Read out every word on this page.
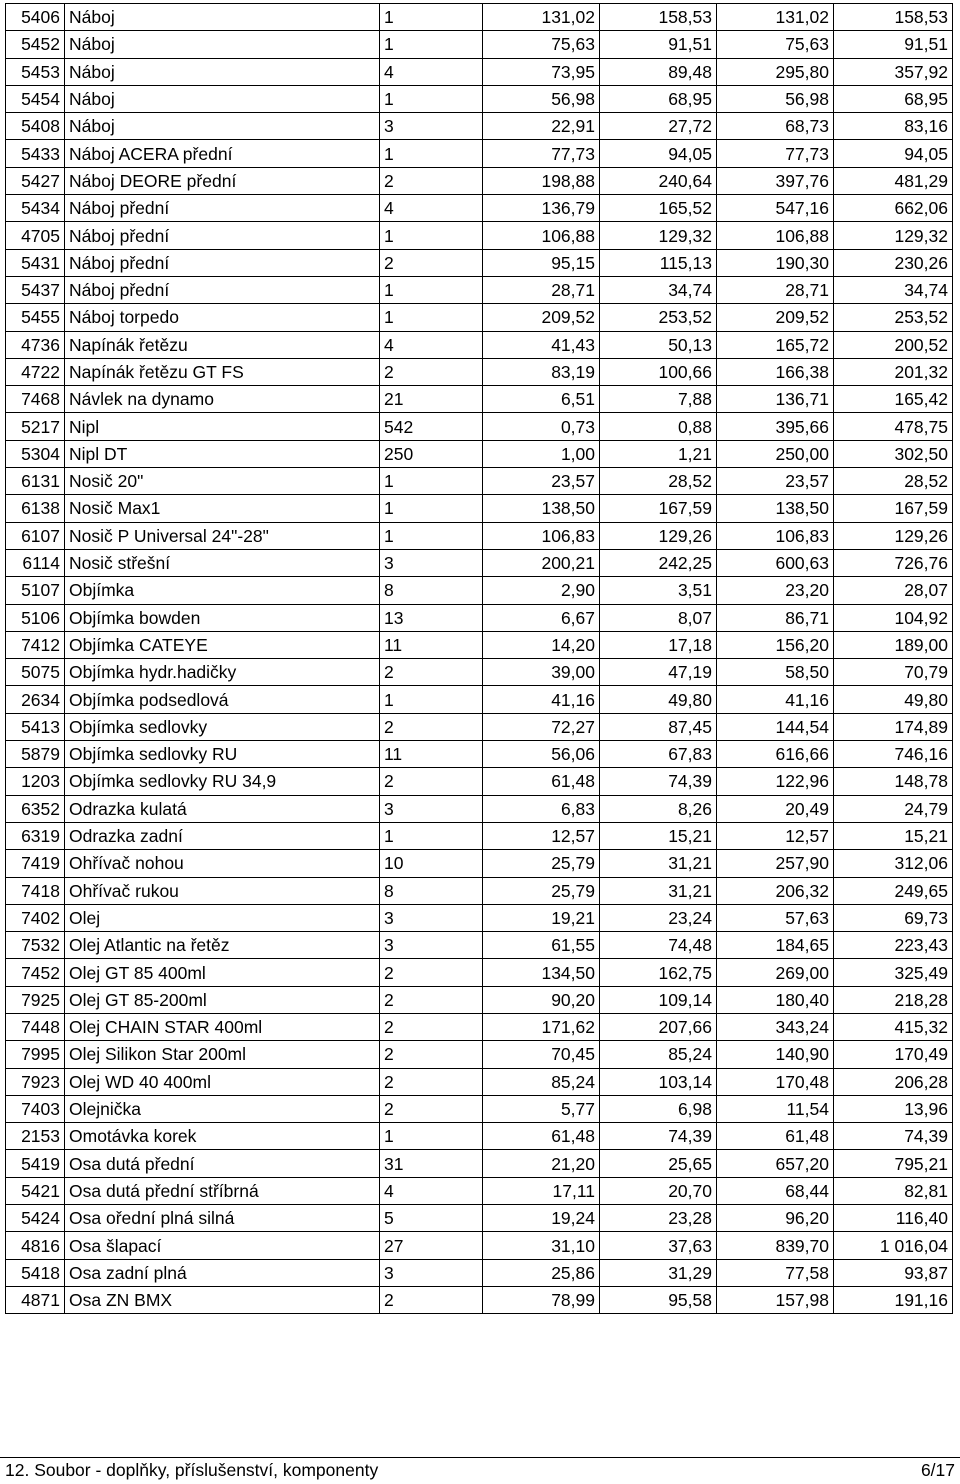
5406	Náboj	1	131,02	158,53	131,02	158,53
5452	Náboj	1	75,63	91,51	75,63	91,51
5453	Náboj	4	73,95	89,48	295,80	357,92
5454	Náboj	1	56,98	68,95	56,98	68,95
5408	Náboj	3	22,91	27,72	68,73	83,16
5433	Náboj ACERA přední	1	77,73	94,05	77,73	94,05
5427	Náboj DEORE přední	2	198,88	240,64	397,76	481,29
5434	Náboj přední	4	136,79	165,52	547,16	662,06
4705	Náboj přední	1	106,88	129,32	106,88	129,32
5431	Náboj přední	2	95,15	115,13	190,30	230,26
5437	Náboj přední	1	28,71	34,74	28,71	34,74
5455	Náboj torpedo	1	209,52	253,52	209,52	253,52
4736	Napínák řetězu	4	41,43	50,13	165,72	200,52
4722	Napínák řetězu GT FS	2	83,19	100,66	166,38	201,32
7468	Návlek na dynamo	21	6,51	7,88	136,71	165,42
5217	Nipl	542	0,73	0,88	395,66	478,75
5304	Nipl DT	250	1,00	1,21	250,00	302,50
6131	Nosič 20"	1	23,57	28,52	23,57	28,52
6138	Nosič Max1	1	138,50	167,59	138,50	167,59
6107	Nosič P Universal 24"-28"	1	106,83	129,26	106,83	129,26
6114	Nosič střešní	3	200,21	242,25	600,63	726,76
5107	Objímka	8	2,90	3,51	23,20	28,07
5106	Objímka bowden	13	6,67	8,07	86,71	104,92
7412	Objímka CATEYE	11	14,20	17,18	156,20	189,00
5075	Objímka hydr.hadičky	2	39,00	47,19	58,50	70,79
2634	Objímka podsedlová	1	41,16	49,80	41,16	49,80
5413	Objímka sedlovky	2	72,27	87,45	144,54	174,89
5879	Objímka sedlovky RU	11	56,06	67,83	616,66	746,16
1203	Objímka sedlovky RU 34,9	2	61,48	74,39	122,96	148,78
6352	Odrazka kulatá	3	6,83	8,26	20,49	24,79
6319	Odrazka zadní	1	12,57	15,21	12,57	15,21
7419	Ohřívač nohou	10	25,79	31,21	257,90	312,06
7418	Ohřívač rukou	8	25,79	31,21	206,32	249,65
7402	Olej	3	19,21	23,24	57,63	69,73
7532	Olej Atlantic na řetěz	3	61,55	74,48	184,65	223,43
7452	Olej GT 85 400ml	2	134,50	162,75	269,00	325,49
7925	Olej GT 85-200ml	2	90,20	109,14	180,40	218,28
7448	Olej CHAIN STAR 400ml	2	171,62	207,66	343,24	415,32
7995	Olej Silikon Star 200ml	2	70,45	85,24	140,90	170,49
7923	Olej WD 40 400ml	2	85,24	103,14	170,48	206,28
7403	Olejnička	2	5,77	6,98	11,54	13,96
2153	Omotávka korek	1	61,48	74,39	61,48	74,39
5419	Osa dutá přední	31	21,20	25,65	657,20	795,21
5421	Osa dutá přední stříbrná	4	17,11	20,70	68,44	82,81
5424	Osa ořední plná silná	5	19,24	23,28	96,20	116,40
4816	Osa šlapací	27	31,10	37,63	839,70	1 016,04
5418	Osa zadní plná	3	25,86	31,29	77,58	93,87
4871	Osa ZN BMX	2	78,99	95,58	157,98	191,16
12. Soubor - doplňky, příslušenství, komponenty	6/17
